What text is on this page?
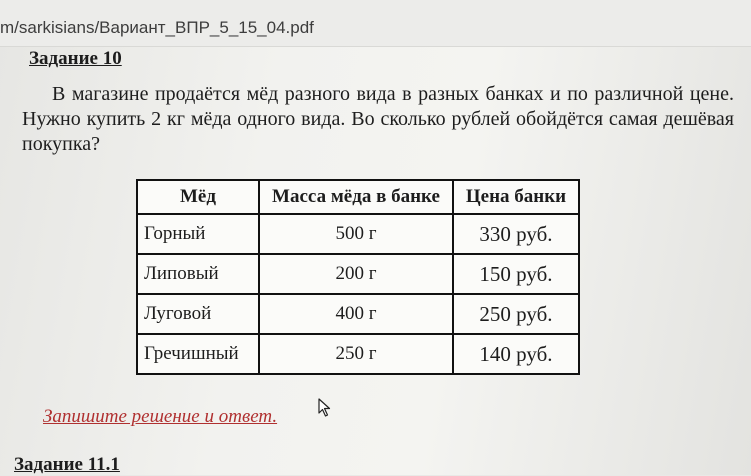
m/sarkisians/Вариант_ВПР_5_15_04.pdf
Задание 10
В магазине продаётся мёд разного вида в разных банках и по различной цене. Нужно купить 2 кг мёда одного вида. Во сколько рублей обойдётся самая дешёвая покупка?
Мёд	Масса мёда в банке	Цена банки
Горный	500 г	330 руб.
Липовый	200 г	150 руб.
Луговой	400 г	250 руб.
Гречишный	250 г	140 руб.
Запишите решение и ответ.
Задание 11.1
